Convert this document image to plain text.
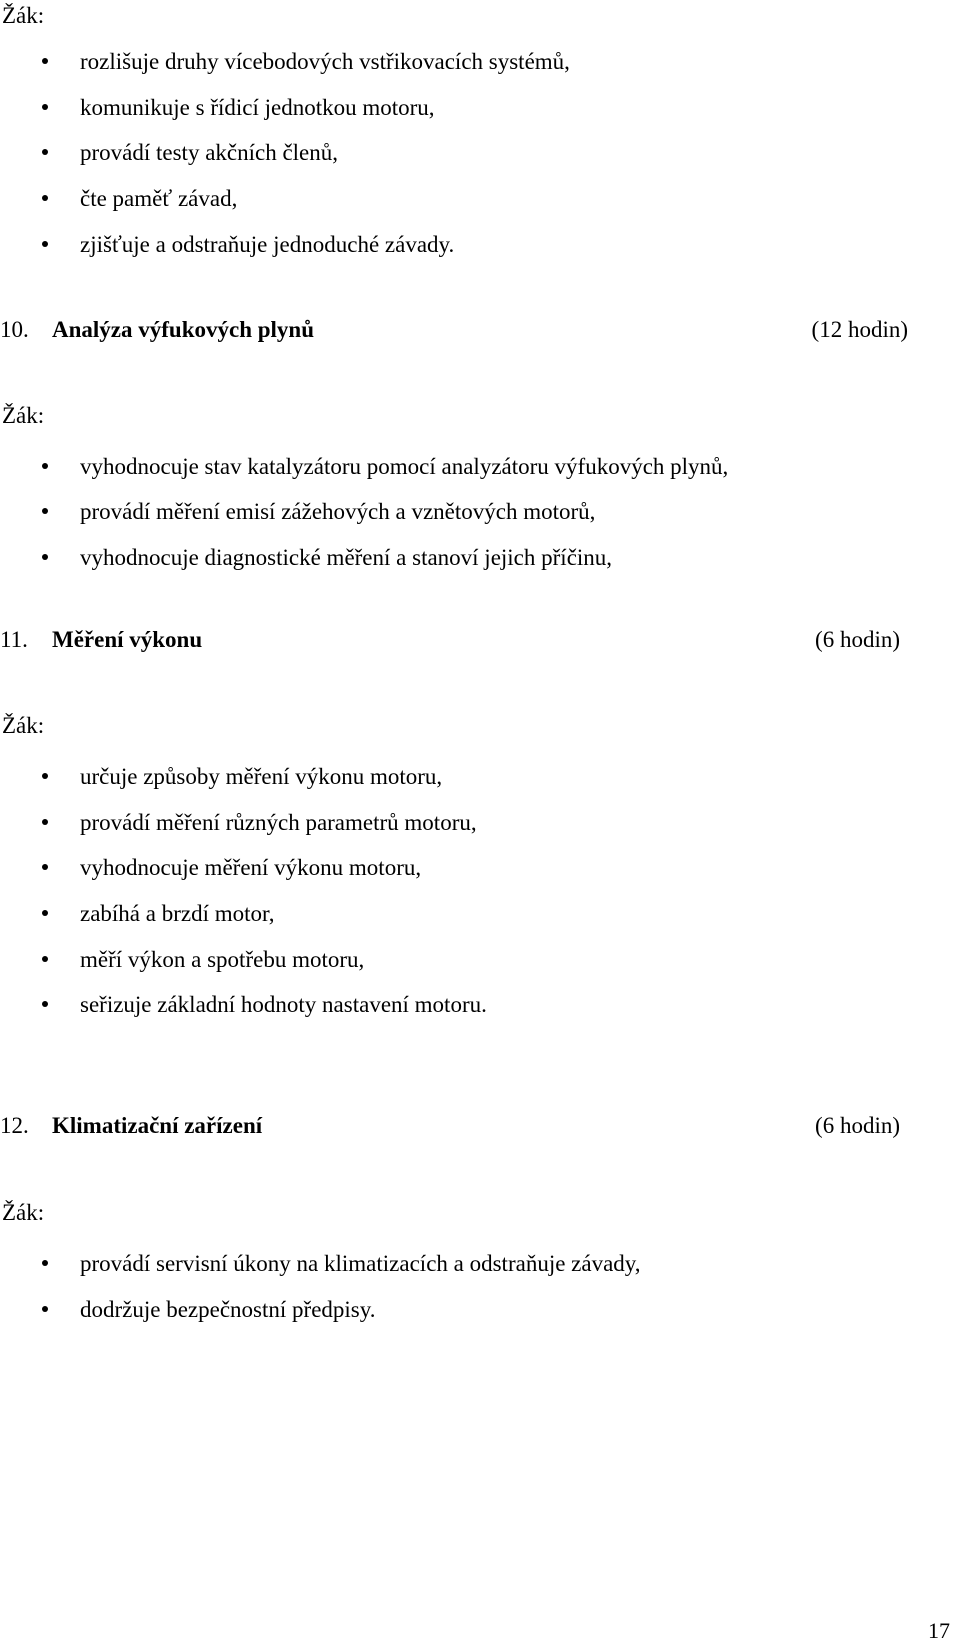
Žák:
rozlišuje druhy vícebodových vstřikovacích systémů,
komunikuje s řídicí jednotkou motoru,
provádí testy akčních členů,
čte paměť závad,
zjišťuje a odstraňuje jednoduché závady.
10. Analýza výfukových plynů	(12 hodin)
Žák:
vyhodnocuje stav katalyzátoru pomocí analyzátoru výfukových plynů,
provádí měření emisí zážehových a vznětových motorů,
vyhodnocuje diagnostické měření a stanoví jejich příčinu,
11. Měření výkonu	(6 hodin)
Žák:
určuje způsoby měření výkonu motoru,
provádí měření různých parametrů motoru,
vyhodnocuje měření výkonu motoru,
zabíhá a brzdí motor,
měří výkon a spotřebu motoru,
seřizuje základní hodnoty nastavení motoru.
12. Klimatizační zařízení	(6 hodin)
Žák:
provádí servisní úkony na klimatizacích a odstraňuje závady,
dodržuje bezpečnostní předpisy.
17
